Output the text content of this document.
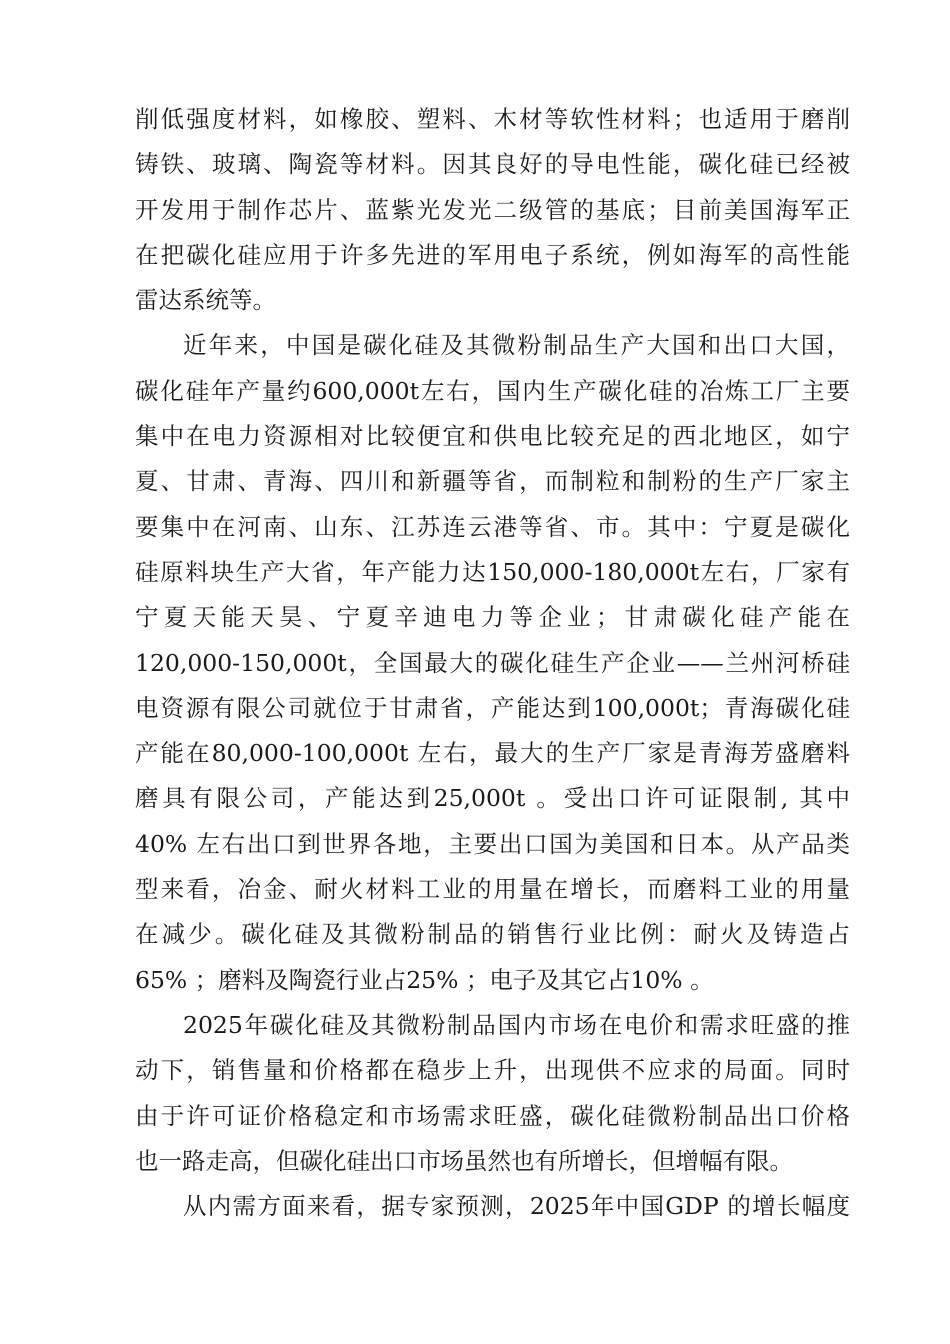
削低强度材料，如橡胶、塑料、木材等软性材料；也适用于磨削
铸铁、玻璃、陶瓷等材料。因其良好的导电性能，碳化硅已经被
开发用于制作芯片、蓝紫光发光二级管的基底；目前美国海军正
在把碳化硅应用于许多先进的军用电子系统，例如海军的高性能
雷达系统等。
近年来，中国是碳化硅及其微粉制品生产大国和出口大国，
碳化硅年产量约600,000t左右，国内生产碳化硅的冶炼工厂主要
集中在电力资源相对比较便宜和供电比较充足的西北地区，如宁
夏、甘肃、青海、四川和新疆等省，而制粒和制粉的生产厂家主
要集中在河南、山东、江苏连云港等省、市。其中：宁夏是碳化
硅原料块生产大省，年产能力达150,000-180,000t左右，厂家有
宁夏天能天昊、宁夏辛迪电力等企业；甘肃碳化硅产能在
120,000-150,000t，全国最大的碳化硅生产企业——兰州河桥硅
电资源有限公司就位于甘肃省，产能达到100,000t；青海碳化硅
产能在80,000-100,000t 左右，最大的生产厂家是青海芳盛磨料
磨具有限公司，产能达到25,000t 。受出口许可证限制, 其中
40% 左右出口到世界各地，主要出口国为美国和日本。从产品类
型来看，冶金、耐火材料工业的用量在增长，而磨料工业的用量
在减少。碳化硅及其微粉制品的销售行业比例：耐火及铸造占
65% ；磨料及陶瓷行业占25% ；电子及其它占10% 。
2025年碳化硅及其微粉制品国内市场在电价和需求旺盛的推
动下，销售量和价格都在稳步上升，出现供不应求的局面。同时
由于许可证价格稳定和市场需求旺盛，碳化硅微粉制品出口价格
也一路走高，但碳化硅出口市场虽然也有所增长，但增幅有限。
从内需方面来看，据专家预测，2025年中国GDP 的增长幅度
